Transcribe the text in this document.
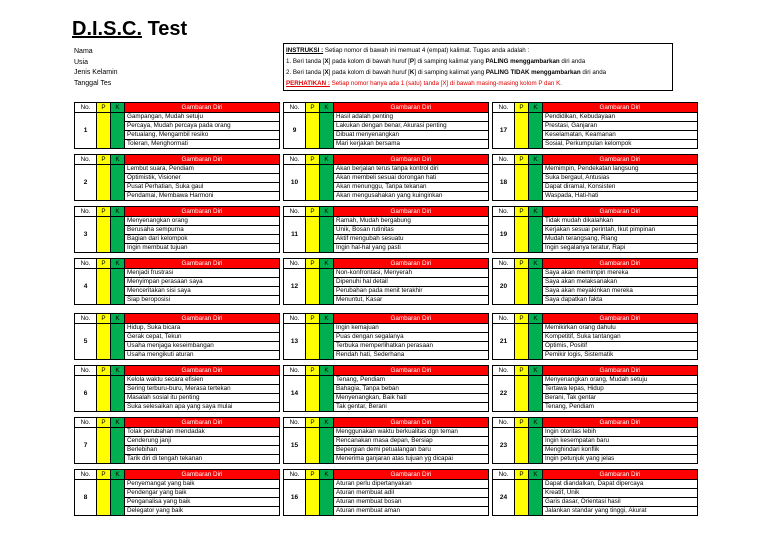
D.I.S.C. Test
Nama
Usia
Jenis Kelamin
Tanggal Tes
INSTRUKSI : Setiap nomor di bawah ini memuat 4 (empat) kalimat. Tugas anda adalah :
1. Beri tanda [X] pada kolom di bawah huruf [P] di samping kalimat yang PALING menggambarkan diri anda
2. Beri tanda [X] pada kolom di bawah huruf [K] di samping kalimat yang PALING TIDAK menggambarkan diri anda
PERHATIKAN : Setiap nomor hanya ada 1 (satu) tanda [X] di bawah masing-masing kolom P dan K.
No.	P	K	Gambaran Diri
1
Gampangan, Mudah setuju
Percaya, Mudah percaya pada orang
Petualang, Mengambil resiko
Toleran, Menghormati
No.	P	K	Gambaran Diri
2
Lembut suara, Pendiam
Optimistik, Visioner
Pusat Perhatian, Suka gaul
Pendamai, Membawa Harmoni
No.	P	K	Gambaran Diri
3
Menyenangkan orang
Berusaha sempurna
Bagian dari kelompok
Ingin membuat tujuan
No.	P	K	Gambaran Diri
4
Menjadi frustrasi
Menyimpan perasaan saya
Menceritakan sisi saya
Siap beroposisi
No.	P	K	Gambaran Diri
5
Hidup, Suka bicara
Gerak cepat, Tekun
Usaha menjaga keseimbangan
Usaha mengikuti aturan
No.	P	K	Gambaran Diri
6
Kelola waktu secara efisien
Sering terburu-buru, Merasa tertekan
Masalah sosial itu penting
Suka selesaikan apa yang saya mulai
No.	P	K	Gambaran Diri
7
Tolak perubahan mendadak
Cenderung janji
Berlebihan
Tarik diri di tengah tekanan
No.	P	K	Gambaran Diri
8
Penyemangat yang baik
Pendengar yang baik
Penganalisa yang baik
Delegator yang baik
No.	P	K	Gambaran Diri
9
Hasil adalah penting
Lakukan dengan benar, Akurasi penting
Dibuat menyenangkan
Mari kerjakan bersama
No.	P	K	Gambaran Diri
10
Akan berjalan terus tanpa kontrol diri
Akan membeli sesuai dorongan hati
Akan menunggu, Tanpa tekanan
Akan mengusahakan yang kuinginkan
No.	P	K	Gambaran Diri
11
Ramah, Mudah bergabung
Unik, Bosan rutinitas
Aktif mengubah sesuatu
Ingin hal-hal yang pasti
No.	P	K	Gambaran Diri
12
Non-konfrontasi, Menyerah
Dipenuhi hal detail
Perubahan pada menit terakhir
Menuntut, Kasar
No.	P	K	Gambaran Diri
13
Ingin kemajuan
Puas dengan segalanya
Terbuka memperlihatkan perasaan
Rendah hati, Sederhana
No.	P	K	Gambaran Diri
14
Tenang, Pendiam
Bahagia, Tanpa beban
Menyenangkan, Baik hati
Tak gentar, Berani
No.	P	K	Gambaran Diri
15
Menggunakan waktu berkualitas dgn teman
Rencanakan masa depan, Bersiap
Bepergian demi petualangan baru
Menerima ganjaran atas tujuan yg dicapai
No.	P	K	Gambaran Diri
16
Aturan perlu dipertanyakan
Aturan membuat adil
Aturan membuat bosan
Aturan membuat aman
No.	P	K	Gambaran Diri
17
Pendidikan, Kebudayaan
Prestasi, Ganjaran
Keselamatan, Keamanan
Sosial, Perkumpulan kelompok
No.	P	K	Gambaran Diri
18
Memimpin, Pendekatan langsung
Suka bergaul, Antusias
Dapat diramal, Konsisten
Waspada, Hati-hati
No.	P	K	Gambaran Diri
19
Tidak mudah dikalahkan
Kerjakan sesuai perintah, Ikut pimpinan
Mudah terangsang, Riang
Ingin segalanya teratur, Rapi
No.	P	K	Gambaran Diri
20
Saya akan memimpin mereka
Saya akan melaksanakan
Saya akan meyakinkan mereka
Saya dapatkan fakta
No.	P	K	Gambaran Diri
21
Memikirkan orang dahulu
Kompetitif, Suka tantangan
Optimis, Positif
Pemikir logis, Sistematik
No.	P	K	Gambaran Diri
22
Menyenangkan orang, Mudah setuju
Tertawa lepas, Hidup
Berani, Tak gentar
Tenang, Pendiam
No.	P	K	Gambaran Diri
23
Ingin otoritas lebih
Ingin kesempatan baru
Menghindari konflik
Ingin petunjuk yang jelas
No.	P	K	Gambaran Diri
24
Dapat diandalkan, Dapat dipercaya
Kreatif, Unik
Garis dasar, Orientasi hasil
Jalankan standar yang tinggi, Akurat
